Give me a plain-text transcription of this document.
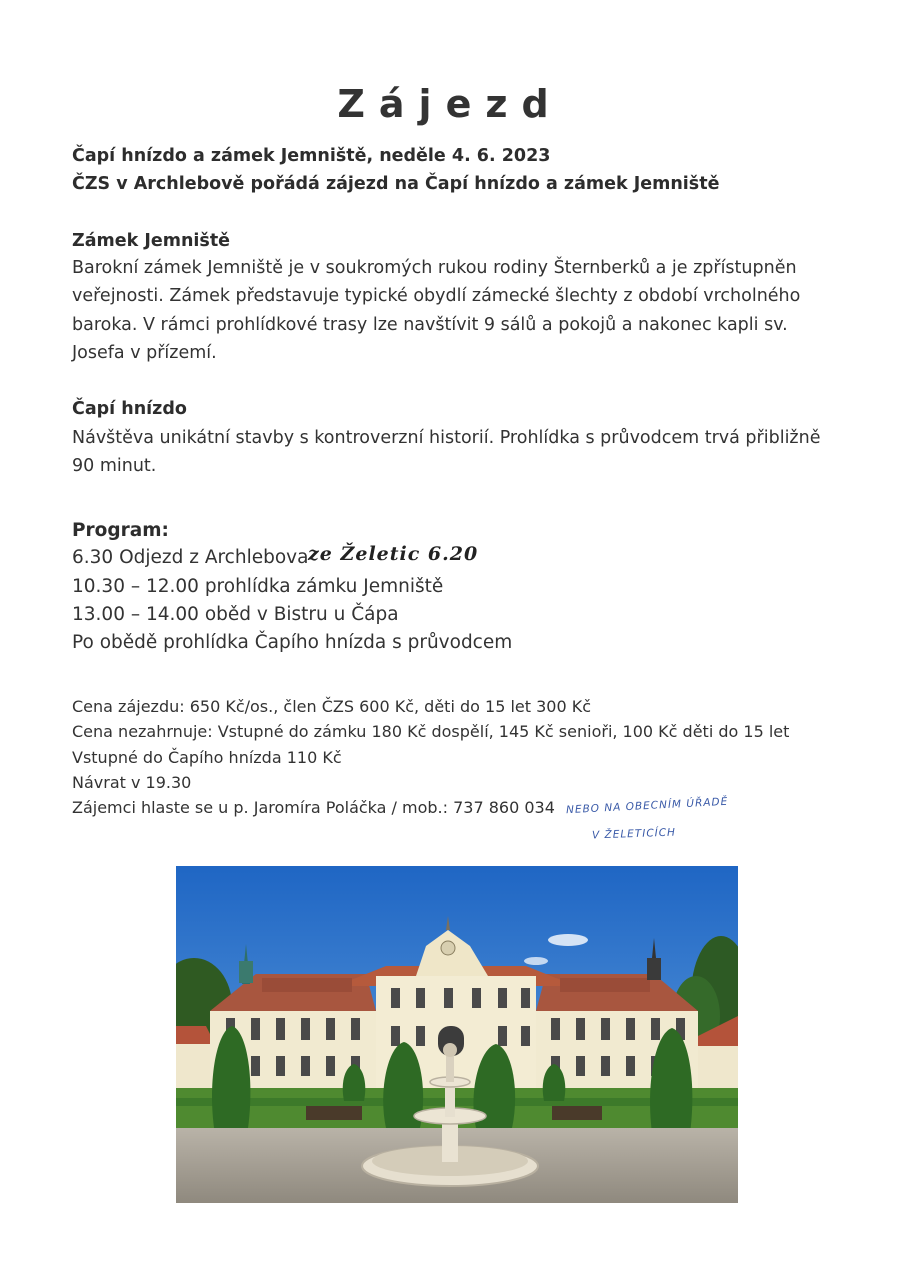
Zájezd
Čapí hnízdo a zámek Jemniště, neděle 4. 6. 2023
ČZS v Archlebově pořádá zájezd na Čapí hnízdo a zámek Jemniště
Zámek Jemniště
Barokní zámek Jemniště je v soukromých rukou rodiny Šternberků a je zpřístupněn
veřejnosti. Zámek představuje typické obydlí zámecké šlechty z období vrcholného
baroka. V rámci prohlídkové trasy lze navštívit 9 sálů a pokojů a nakonec kapli sv.
Josefa v přízemí.
Čapí hnízdo
Návštěva unikátní stavby s kontroverzní historií. Prohlídka s průvodcem trvá přibližně
90 minut.
Program:
6.30 Odjezd z Archlebova ze Želetic 6.20
10.30 – 12.00 prohlídka zámku Jemniště
13.00 – 14.00 oběd v Bistru u Čápa
Po obědě prohlídka Čapího hnízda s průvodcem
Cena zájezdu: 650 Kč/os., člen ČZS 600 Kč, děti do 15 let 300 Kč
Cena nezahrnuje: Vstupné do zámku 180 Kč dospělí, 145 Kč senioři, 100 Kč děti do 15 let
Vstupné do Čapího hnízda 110 Kč
Návrat v 19.30
Zájemci hlaste se u p. Jaromíra Poláčka / mob.: 737 860 034 NEBO NA OBECNÍM ÚŘADĚ
V ŽELETICÍCH
